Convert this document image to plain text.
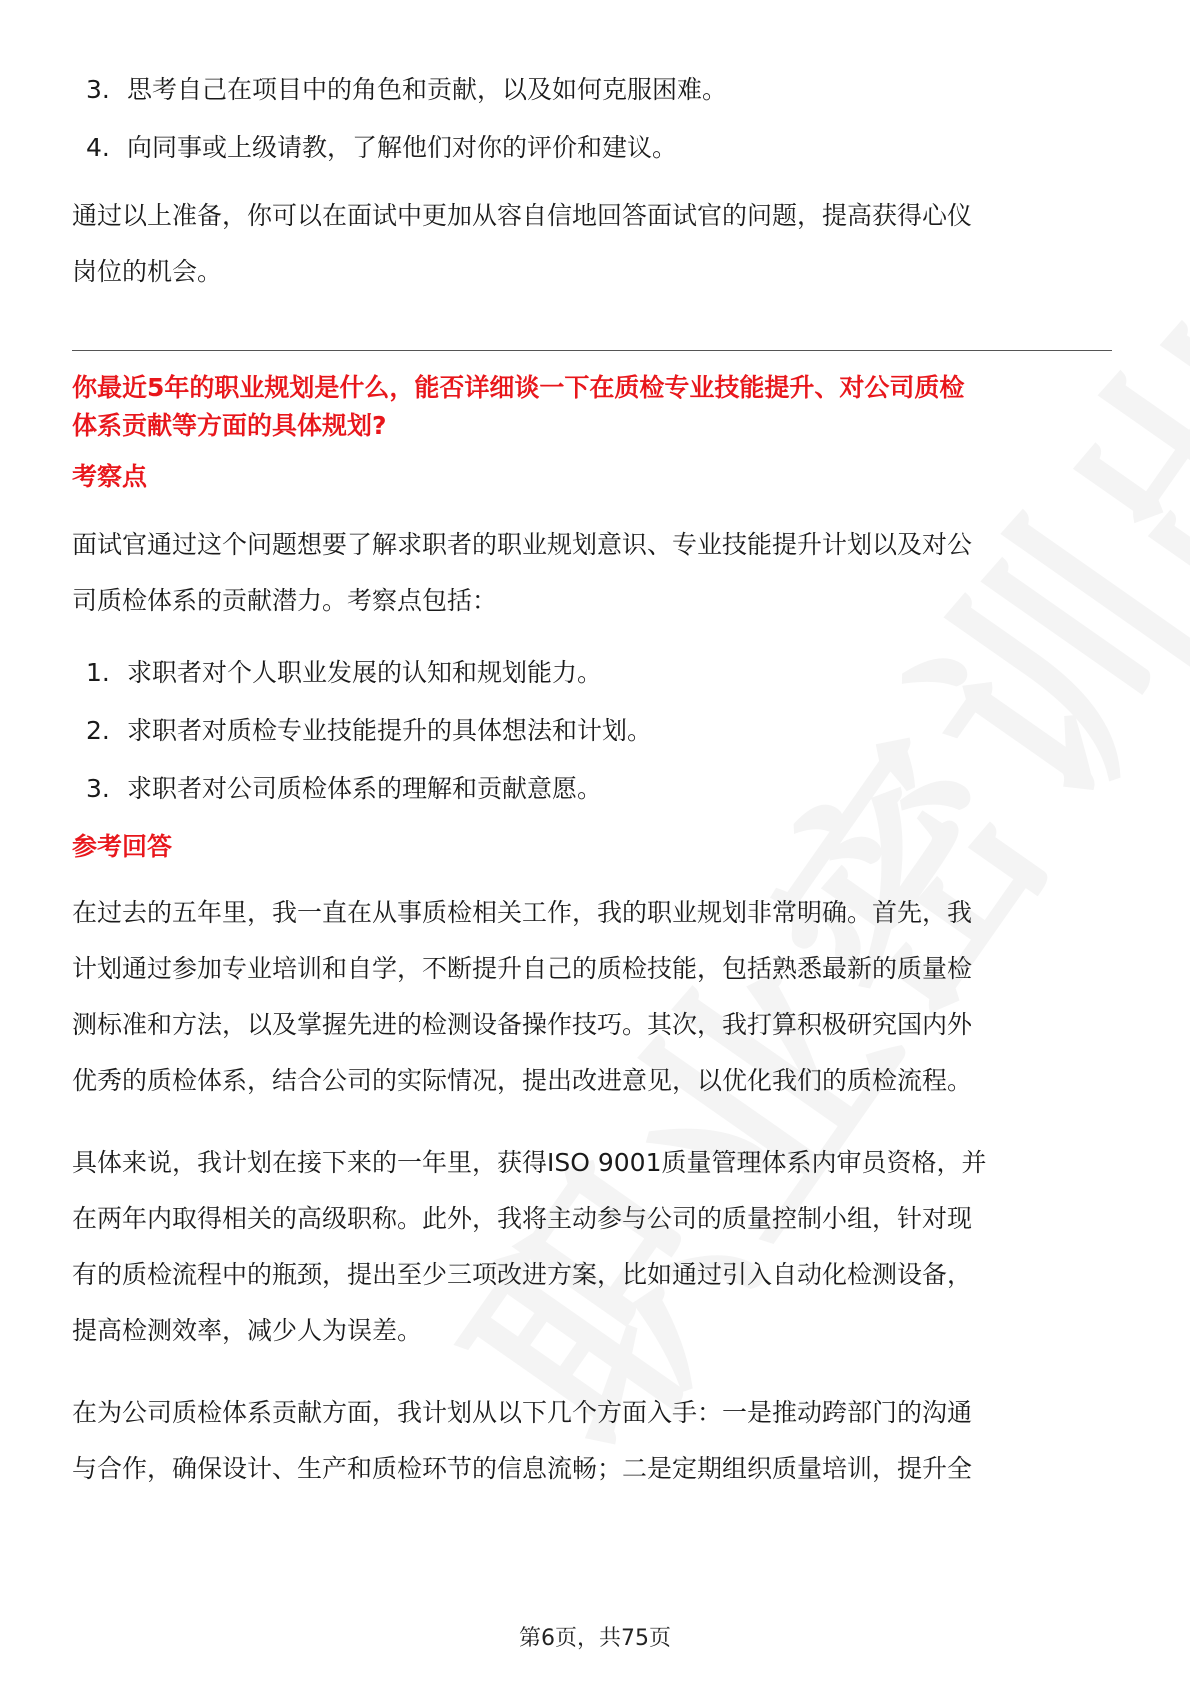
3. 思考自己在项目中的角色和贡献，以及如何克服困难。
4. 向同事或上级请教，了解他们对你的评价和建议。

通过以上准备，你可以在面试中更加从容自信地回答面试官的问题，提高获得心仪
岗位的机会。

你最近5年的职业规划是什么，能否详细谈一下在质检专业技能提升、对公司质检
体系贡献等方面的具体规划?

考察点

面试官通过这个问题想要了解求职者的职业规划意识、专业技能提升计划以及对公
司质检体系的贡献潜力。考察点包括：

1. 求职者对个人职业发展的认知和规划能力。
2. 求职者对质检专业技能提升的具体想法和计划。
3. 求职者对公司质检体系的理解和贡献意愿。
参考回答

在过去的五年里，我一直在从事质检相关工作，我的职业规划非常明确。首先，我
计划通过参加专业培训和自学，不断提升自己的质检技能，包括熟悉最新的质量检
测标准和方法，以及掌握先进的检测设备操作技巧。其次，我打算积极研究国内外
优秀的质检体系，结合公司的实际情况，提出改进意见，以优化我们的质检流程。

具体来说，我计划在接下来的一年里，获得ISO 9001质量管理体系内审员资格，并
在两年内取得相关的高级职称。此外，我将主动参与公司的质量控制小组，针对现
有的质检流程中的瓶颈，提出至少三项改进方案，比如通过引入自动化检测设备，
提高检测效率，减少人为误差。

在为公司质检体系贡献方面，我计划从以下几个方面入手：一是推动跨部门的沟通
与合作，确保设计、生产和质检环节的信息流畅；二是定期组织质量培训，提升全

第6页，共75页
